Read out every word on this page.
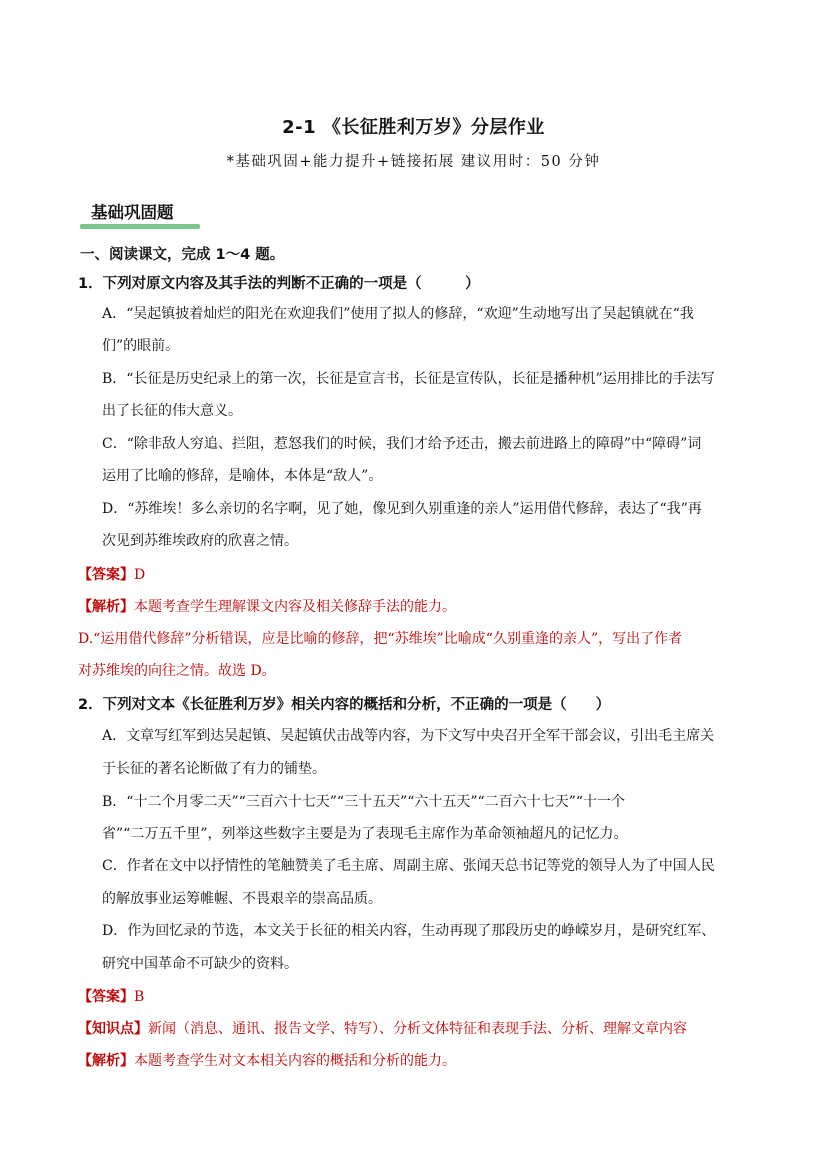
2-1 《长征胜利万岁》分层作业
*基础巩固+能力提升+链接拓展 建议用时：50 分钟
基础巩固题
一、阅读课文，完成 1～4 题。
1．下列对原文内容及其手法的判断不正确的一项是（　　　）
A．“吴起镇披着灿烂的阳光在欢迎我们”使用了拟人的修辞，“欢迎”生动地写出了吴起镇就在“我
们”的眼前。
B．“长征是历史纪录上的第一次，长征是宣言书，长征是宣传队，长征是播种机”运用排比的手法写
出了长征的伟大意义。
C．“除非敌人穷追、拦阻，惹怒我们的时候，我们才给予还击，搬去前进路上的障碍”中“障碍”词
运用了比喻的修辞，是喻体，本体是“敌人”。
D．“苏维埃！多么亲切的名字啊，见了她，像见到久别重逢的亲人”运用借代修辞，表达了“我”再
次见到苏维埃政府的欣喜之情。
【答案】D
【解析】本题考查学生理解课文内容及相关修辞手法的能力。
D.“运用借代修辞”分析错误，应是比喻的修辞，把“苏维埃”比喻成“久别重逢的亲人”，写出了作者
对苏维埃的向往之情。故选 D。
2．下列对文本《长征胜利万岁》相关内容的概括和分析，不正确的一项是（　　）
A．文章写红军到达吴起镇、吴起镇伏击战等内容，为下文写中央召开全军干部会议，引出毛主席关
于长征的著名论断做了有力的铺垫。
B．“十二个月零二天”“三百六十七天”“三十五天”“六十五天”“二百六十七天”“十一个
省”“二万五千里”，列举这些数字主要是为了表现毛主席作为革命领袖超凡的记忆力。
C．作者在文中以抒情性的笔触赞美了毛主席、周副主席、张闻天总书记等党的领导人为了中国人民
的解放事业运筹帷幄、不畏艰辛的崇高品质。
D．作为回忆录的节选，本文关于长征的相关内容，生动再现了那段历史的峥嵘岁月，是研究红军、
研究中国革命不可缺少的资料。
【答案】B
【知识点】新闻（消息、通讯、报告文学、特写）、分析文体特征和表现手法、分析、理解文章内容
【解析】本题考查学生对文本相关内容的概括和分析的能力。
